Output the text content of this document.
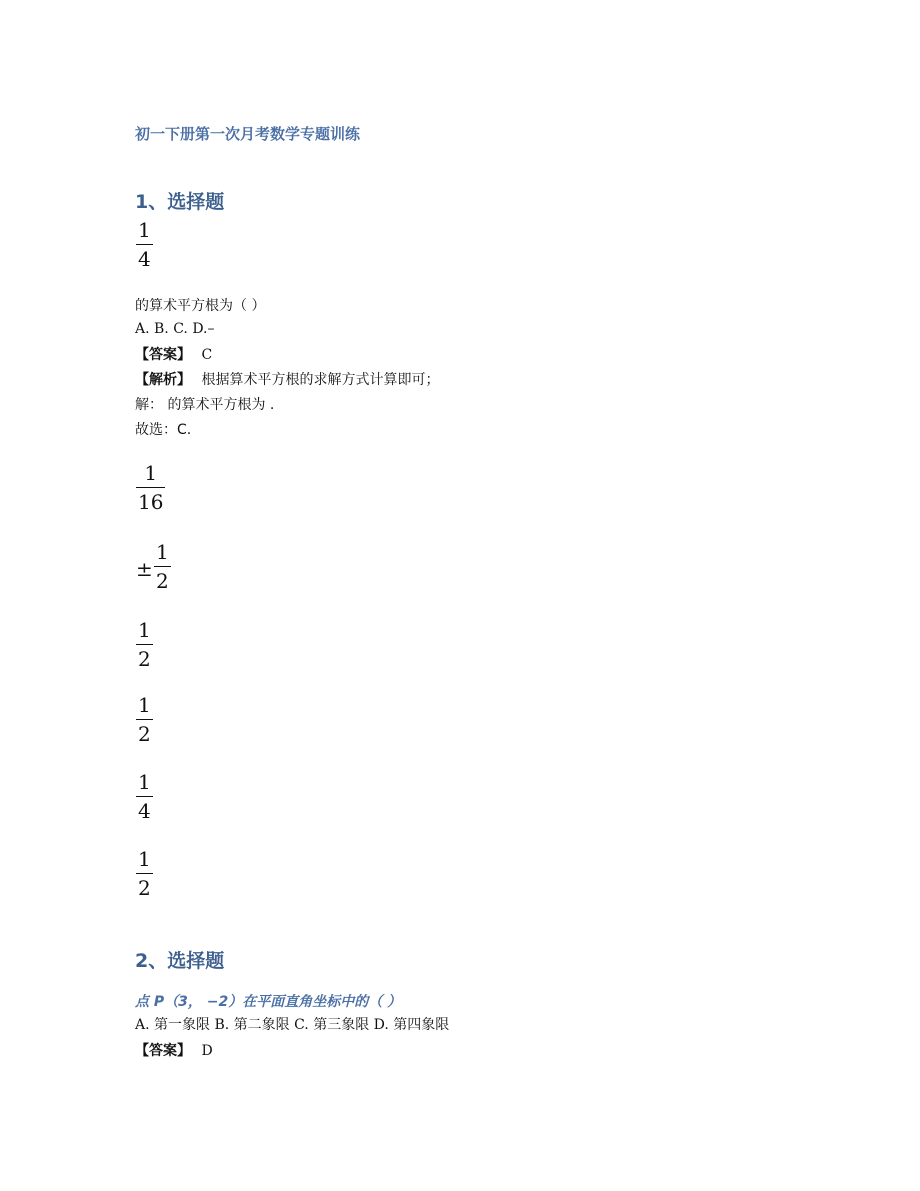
初一下册第一次月考数学专题训练
1、选择题
1
4
的算术平方根为（ ）
A. B. C. D.–
【答案】 C
【解析】 根据算术平方根的求解方式计算即可；
解： 的算术平方根为 .
故选：C.
1
16
±
1
2
1
2
1
2
1
4
1
2
2、选择题
点 P（3， −2）在平面直角坐标中的（ ）
A. 第一象限 B. 第二象限 C. 第三象限 D. 第四象限
【答案】 D
